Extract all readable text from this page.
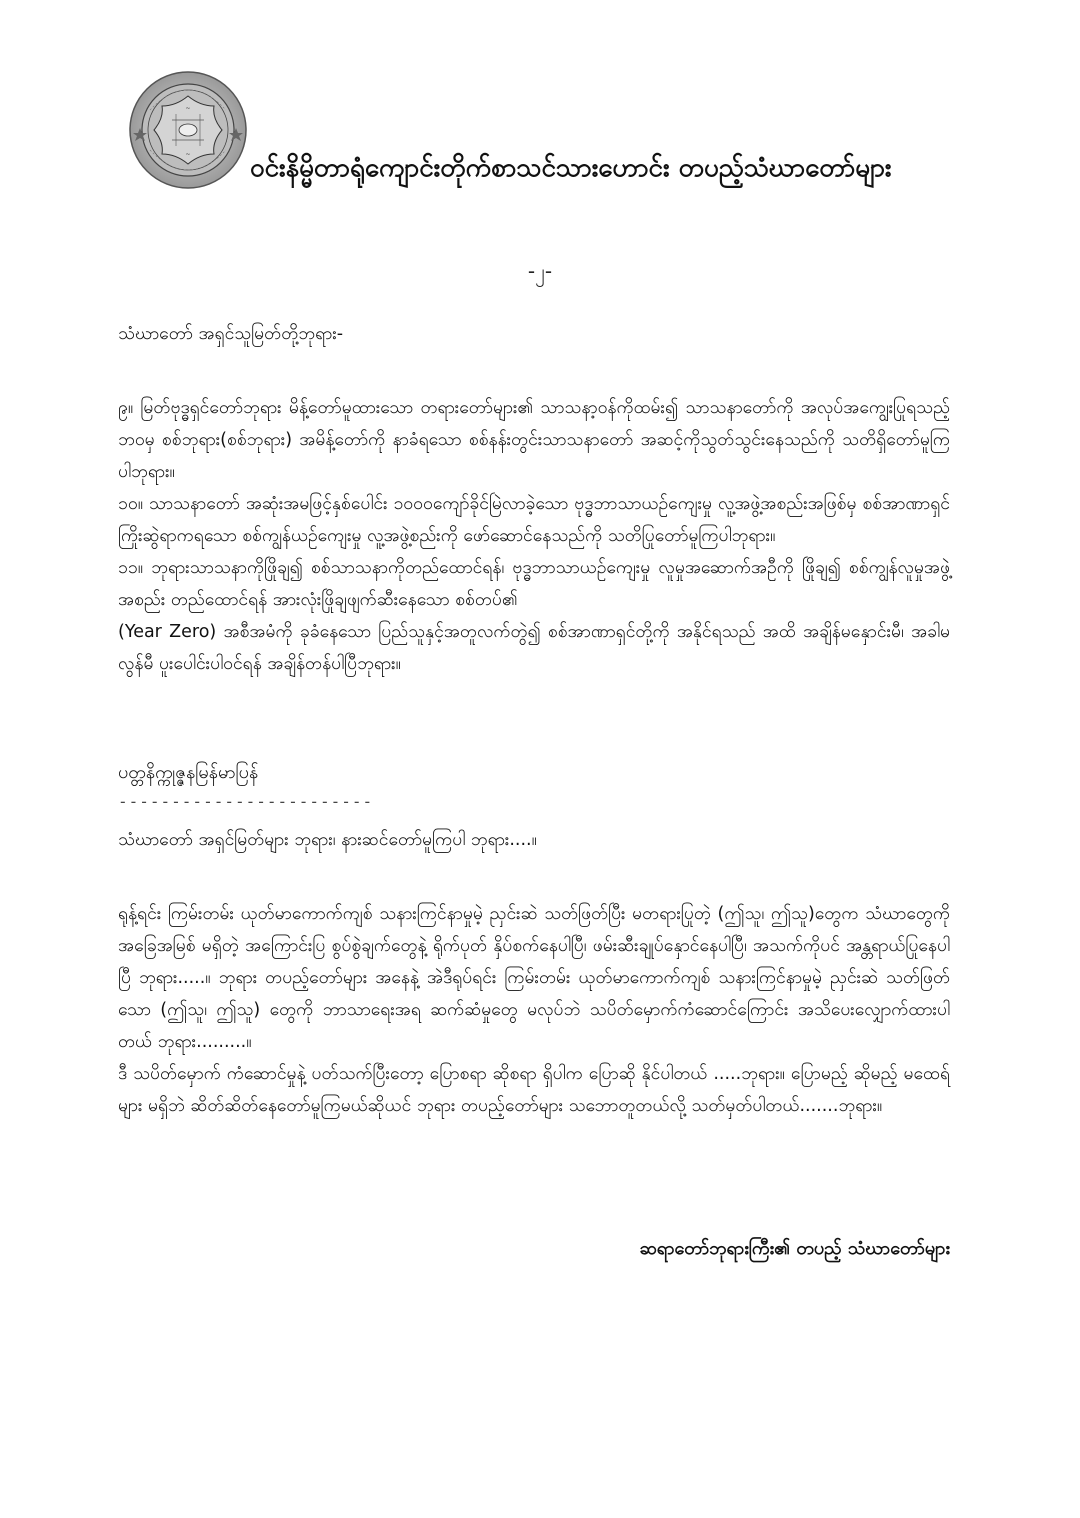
~
~ ဝင်းနိမ္မိတာရုံကျောင်းတိုက်စာသင်သားဟောင်း တပည့်သံဃာတော်များ
-၂-
သံဃာတော် အရှင်သူမြတ်တို့ဘုရား-

၉။ မြတ်ဗုဒ္ဓရှင်တော်ဘုရား မိန့်တော်မူထားသော တရားတော်များ၏ သာသနာ့ဝန်ကိုထမ်း၍ သာသနာတော်ကို အလုပ်အကျွေးပြုရသည့်ဘဝမှ စစ်ဘုရား(စစ်ဘုရား) အမိန့်တော်ကို နာခံရသော စစ်နန်းတွင်းသာသနာတော် အဆင့်ကိုသွတ်သွင်းနေသည်ကို သတိရှိတော်မူကြပါဘုရား။

၁၀။ သာသနာတော် အဆုံးအမဖြင့်နှစ်ပေါင်း ၁၀၀၀ကျော်ခိုင်မြဲလာခဲ့သော ဗုဒ္ဓဘာသာယဉ်ကျေးမှု လူ့အဖွဲ့အစည်းအဖြစ်မှ စစ်အာဏာရှင် ကြိုးဆွဲရာကရသော စစ်ကျွန်ယဉ်ကျေးမှု လူ့အဖွဲ့စည်းကို ဖော်ဆောင်နေသည်ကို သတိပြုတော်မူကြပါဘုရား။

၁၁။ ဘုရားသာသနာကိုဖြိုချ၍ စစ်သာသနာကိုတည်ထောင်ရန်၊ ဗုဒ္ဓဘာသာယဉ်ကျေးမှု လူမှုအဆောက်အဦကို ဖြိုချ၍ စစ်ကျွန်လူမှုအဖွဲ့အစည်း တည်ထောင်ရန် အားလုံးဖြိုချဖျက်ဆီးနေသော စစ်တပ်၏

(Year Zero) အစီအမံကို ခုခံနေသော ပြည်သူနှင့်အတူလက်တွဲ၍ စစ်အာဏာရှင်တို့ကို အနိုင်ရသည် အထိ အချိန်မနှောင်းမီ၊ အခါမလွန်မီ ပူးပေါင်းပါဝင်ရန် အချိန်တန်ပါပြီဘုရား။

ပတ္တနိက္ကုဇ္ဇနမြန်မာပြန်
------------------------
သံဃာတော် အရှင်မြတ်များ ဘုရား၊ နားဆင်တော်မူကြပါ ဘုရား....။

ရုန့်ရင်း ကြမ်းတမ်း ယုတ်မာကောက်ကျစ် သနားကြင်နာမှုမဲ့ ညှင်းဆဲ သတ်ဖြတ်ပြီး မတရားပြုတဲ့ (ဤသူ၊ ဤသူ)တွေက သံဃာတွေကို အခြေအမြစ် မရှိတဲ့ အကြောင်းပြ စွပ်စွဲချက်တွေနဲ့ ရိုက်ပုတ် နှိပ်စက်နေပါပြီ၊ ဖမ်းဆီးချုပ်နှောင်နေပါပြီ၊ အသက်ကိုပင် အန္တရာယ်ပြုနေပါပြီ ဘုရား.....။ ဘုရား တပည့်တော်များ အနေနဲ့ အဲဒီရုပ်ရင်း ကြမ်းတမ်း ယုတ်မာကောက်ကျစ် သနားကြင်နာမှုမဲ့ ညှင်းဆဲ သတ်ဖြတ်သော (ဤသူ၊ ဤသူ) တွေကို ဘာသာရေးအရ ဆက်ဆံမှုတွေ မလုပ်ဘဲ သပိတ်မှောက်ကံဆောင်ကြောင်း အသိပေးလျှောက်ထားပါတယ် ဘုရား.........။

ဒီ သပိတ်မှောက် ကံဆောင်မှုနဲ့ ပတ်သက်ပြီးတော့ ပြောစရာ ဆိုစရာ ရှိပါက ပြောဆို နိုင်ပါတယ် .....ဘုရား။ ပြောမည့် ဆိုမည့် မထေရ်များ မရှိဘဲ ဆိတ်ဆိတ်နေတော်မူကြမယ်ဆိုယင် ဘုရား တပည့်တော်များ သဘောတူတယ်လို့ သတ်မှတ်ပါတယ်.......ဘုရား။

ဆရာတော်ဘုရားကြီး၏ တပည့် သံဃာတော်များ
